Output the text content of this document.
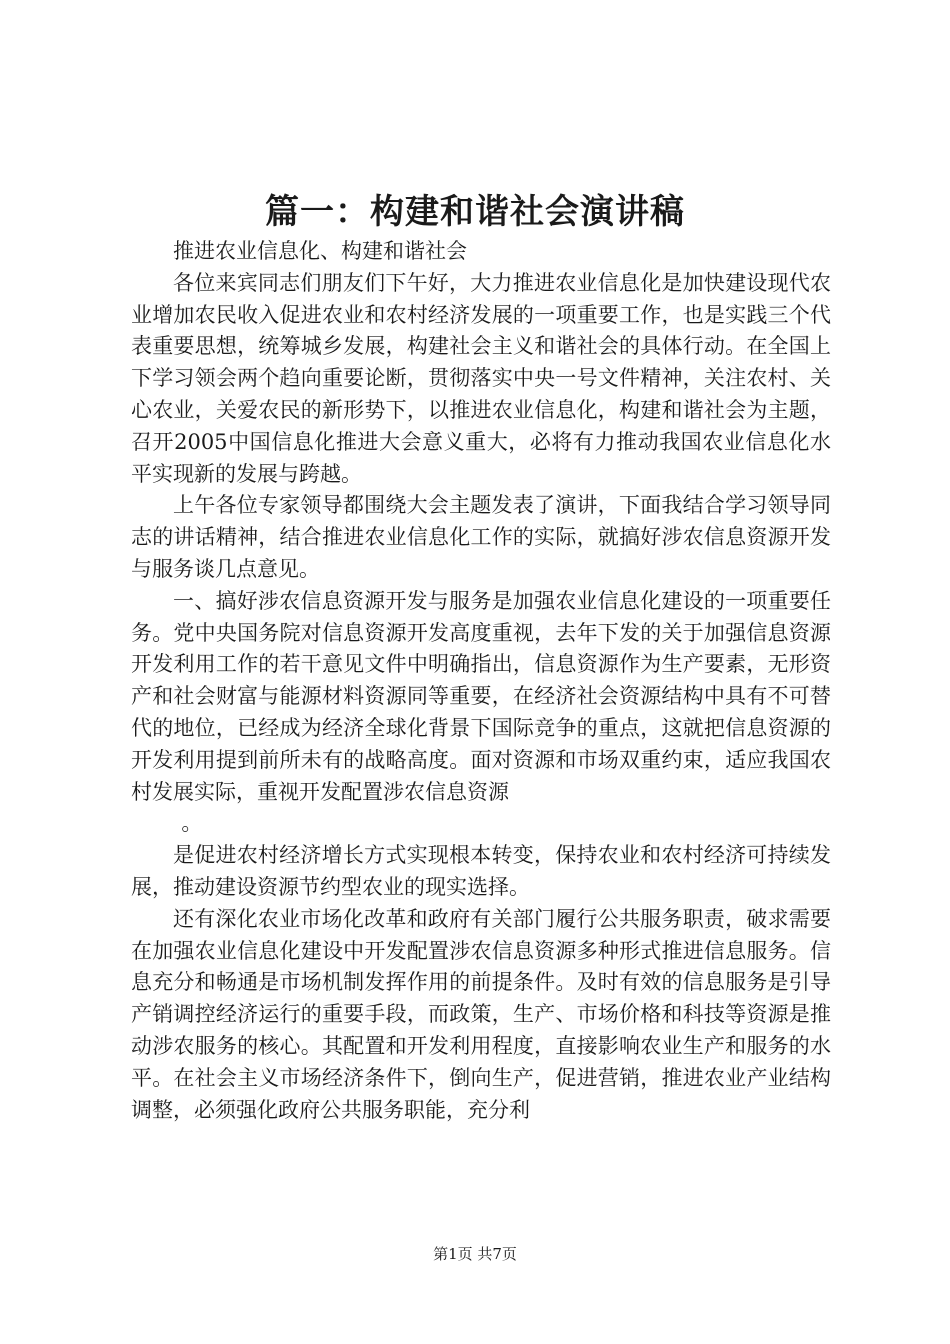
篇一：构建和谐社会演讲稿

推进农业信息化、构建和谐社会

各位来宾同志们朋友们下午好，大力推进农业信息化是加快建设现代农业增加农民收入促进农业和农村经济发展的一项重要工作，也是实践三个代表重要思想，统筹城乡发展，构建社会主义和谐社会的具体行动。在全国上下学习领会两个趋向重要论断，贯彻落实中央一号文件精神，关注农村、关心农业，关爱农民的新形势下，以推进农业信息化，构建和谐社会为主题，召开2005中国信息化推进大会意义重大，必将有力推动我国农业信息化水平实现新的发展与跨越。

上午各位专家领导都围绕大会主题发表了演讲，下面我结合学习领导同志的讲话精神，结合推进农业信息化工作的实际，就搞好涉农信息资源开发与服务谈几点意见。

一、搞好涉农信息资源开发与服务是加强农业信息化建设的一项重要任务。党中央国务院对信息资源开发高度重视，去年下发的关于加强信息资源开发利用工作的若干意见文件中明确指出，信息资源作为生产要素，无形资产和社会财富与能源材料资源同等重要，在经济社会资源结构中具有不可替代的地位，已经成为经济全球化背景下国际竞争的重点，这就把信息资源的开发利用提到前所未有的战略高度。面对资源和市场双重约束，适应我国农村发展实际，重视开发配置涉农信息资源

。

是促进农村经济增长方式实现根本转变，保持农业和农村经济可持续发展，推动建设资源节约型农业的现实选择。

还有深化农业市场化改革和政府有关部门履行公共服务职责，破求需要在加强农业信息化建设中开发配置涉农信息资源多种形式推进信息服务。信息充分和畅通是市场机制发挥作用的前提条件。及时有效的信息服务是引导产销调控经济运行的重要手段，而政策，生产、市场价格和科技等资源是推动涉农服务的核心。其配置和开发利用程度，直接影响农业生产和服务的水平。在社会主义市场经济条件下，倒向生产，促进营销，推进农业产业结构调整，必须强化政府公共服务职能，充分利

第1页 共7页
